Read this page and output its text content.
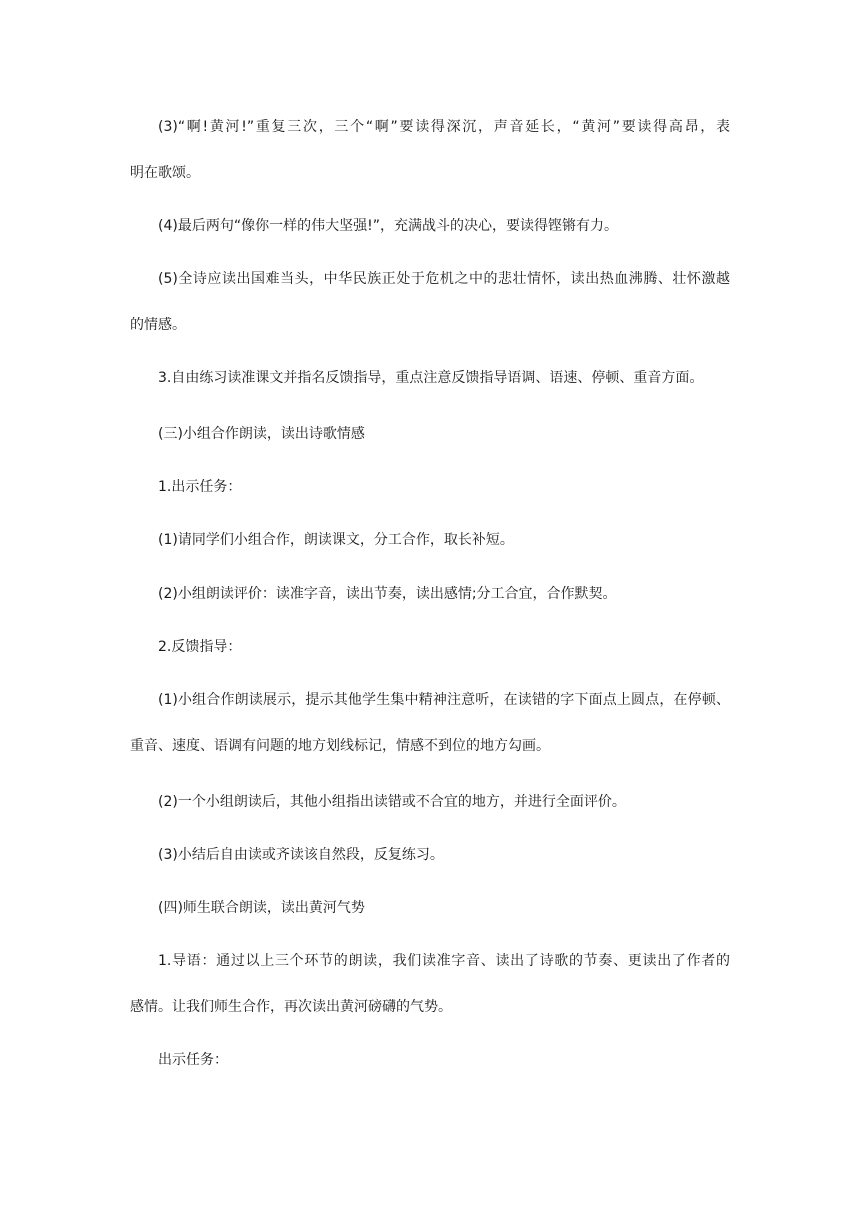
(3)“啊!黄河!”重复三次，三个“啊”要读得深沉，声音延长，“黄河”要读得高昂，表
明在歌颂。
(4)最后两句“像你一样的伟大坚强!”，充满战斗的决心，要读得铿锵有力。
(5)全诗应读出国难当头，中华民族正处于危机之中的悲壮情怀，读出热血沸腾、壮怀激越
的情感。
3.自由练习读准课文并指名反馈指导，重点注意反馈指导语调、语速、停顿、重音方面。
(三)小组合作朗读，读出诗歌情感
1.出示任务：
(1)请同学们小组合作，朗读课文，分工合作，取长补短。
(2)小组朗读评价：读准字音，读出节奏，读出感情;分工合宜，合作默契。
2.反馈指导：
(1)小组合作朗读展示，提示其他学生集中精神注意听，在读错的字下面点上圆点，在停顿、
重音、速度、语调有问题的地方划线标记，情感不到位的地方勾画。
(2)一个小组朗读后，其他小组指出读错或不合宜的地方，并进行全面评价。
(3)小结后自由读或齐读该自然段，反复练习。
(四)师生联合朗读，读出黄河气势
1.导语：通过以上三个环节的朗读，我们读准字音、读出了诗歌的节奏、更读出了作者的
感情。让我们师生合作，再次读出黄河磅礴的气势。
出示任务：
